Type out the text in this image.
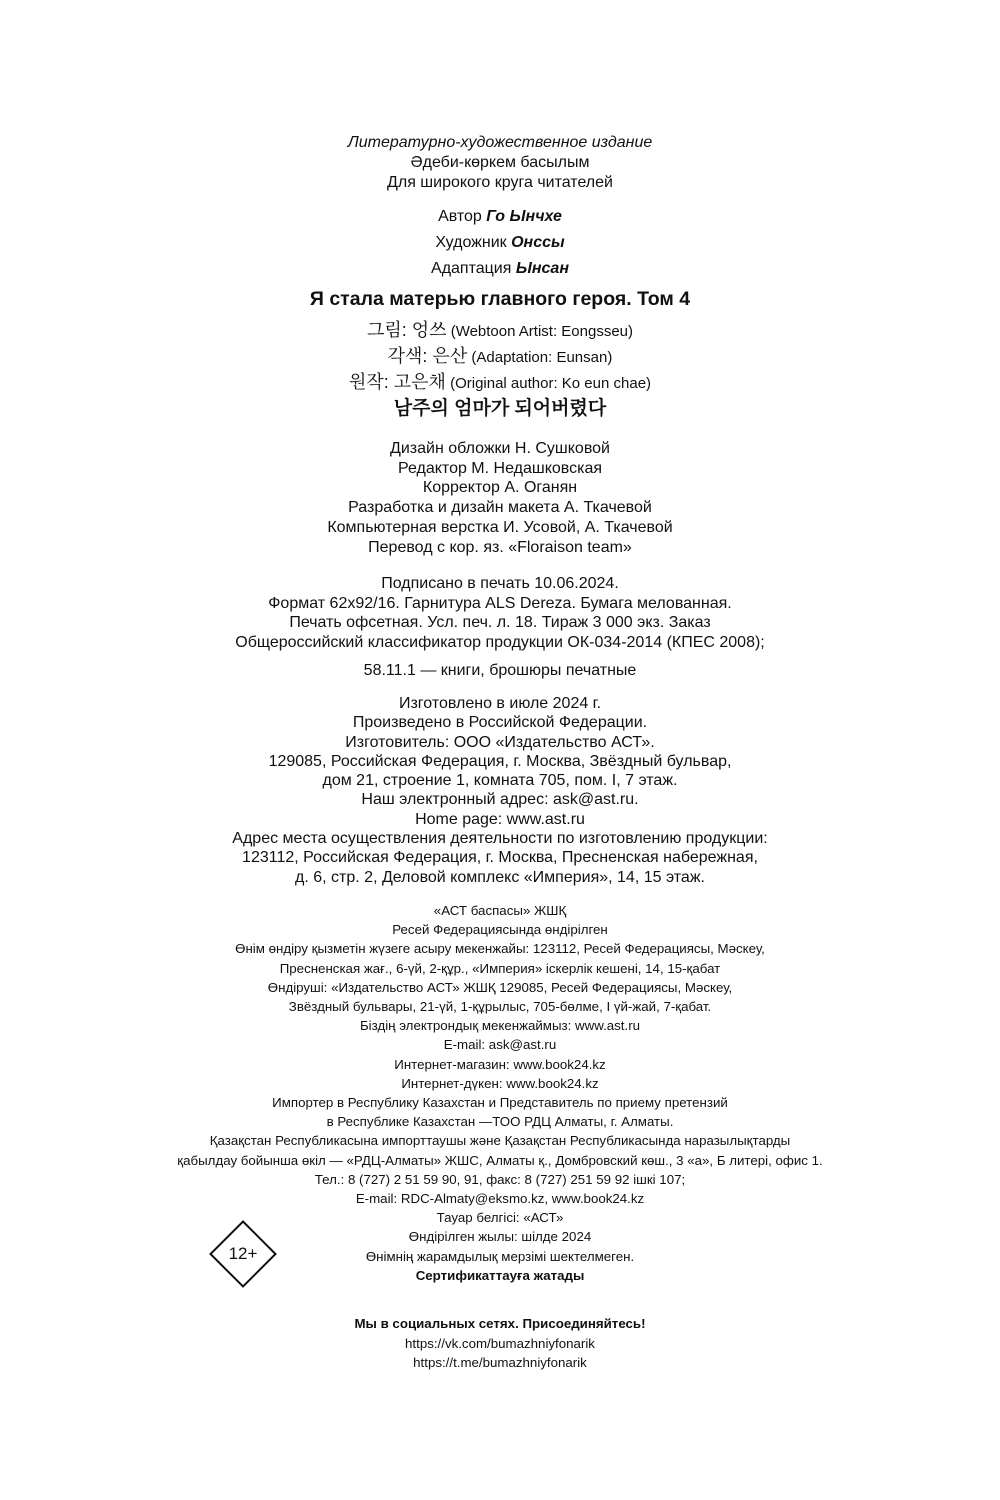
Литературно-художественное издание
Әдеби-көркем басылым
Для широкого круга читателей
Автор Го Ынчхе
Художник Онссы
Адаптация Ынсан
Я стала матерью главного героя. Том 4
그림: 엉쓰 (Webtoon Artist: Eongsseu)
각색: 은산 (Adaptation: Eunsan)
원작: 고은채 (Original author: Ko eun chae)
남주의 엄마가 되어버렸다
Дизайн обложки Н. Сушковой
Редактор М. Недашковская
Корректор А. Оганян
Разработка и дизайн макета А. Ткачевой
Компьютерная верстка И. Усовой, А. Ткачевой
Перевод с кор. яз. «Floraison team»
Подписано в печать 10.06.2024.
Формат 62x92/16. Гарнитура ALS Dereza. Бумага мелованная.
Печать офсетная. Усл. печ. л. 18. Тираж 3 000 экз. Заказ
Общероссийский классификатор продукции ОК-034-2014 (КПЕС 2008);
58.11.1 — книги, брошюры печатные
Изготовлено в июле 2024 г.
Произведено в Российской Федерации.
Изготовитель: ООО «Издательство АСТ».
129085, Российская Федерация, г. Москва, Звёздный бульвар,
дом 21, строение 1, комната 705, пом. I, 7 этаж.
Наш электронный адрес: ask@ast.ru.
Home page: www.ast.ru
Адрес места осуществления деятельности по изготовлению продукции:
123112, Российская Федерация, г. Москва, Пресненская набережная,
д. 6, стр. 2, Деловой комплекс «Империя», 14, 15 этаж.
«АСТ баспасы» ЖШҚ
Ресей Федерациясында өндірілген
Өнім өндіру қызметін жүзеге асыру мекенжайы: 123112, Ресей Федерациясы, Мәскеу,
Пресненская жағ., 6-үй, 2-құр., «Империя» іскерлік кешені, 14, 15-қабат
Өндіруші: «Издательство АСТ» ЖШҚ 129085, Ресей Федерациясы, Мәскеу,
Звёздный бульвары, 21-үй, 1-құрылыс, 705-бөлме, I үй-жай, 7-қабат.
Біздің электрондық мекенжаймыз: www.ast.ru
E-mail: ask@ast.ru
Интернет-магазин: www.book24.kz
Интернет-дүкен: www.book24.kz
Импортер в Республику Казахстан и Представитель по приему претензий
в Республике Казахстан —ТОО РДЦ Алматы, г. Алматы.
Қазақстан Республикасына импорттаушы және Қазақстан Республикасында наразылықтарды
қабылдау бойынша өкіл — «РДЦ-Алматы» ЖШС, Алматы қ., Домбровский көш., 3 «а», Б литері, офис 1.
Тел.: 8 (727) 2 51 59 90, 91, факс: 8 (727) 251 59 92 ішкі 107;
E-mail: RDC-Almaty@eksmo.kz, www.book24.kz
Тауар белгісі: «АСТ»
Өндірілген жылы: шілде 2024
Өнімнің жарамдылық мерзімі шектелмеген.
Сертификаттауға жатады
12+
Мы в социальных сетях. Присоединяйтесь!
https://vk.com/bumazhniyfonarik
https://t.me/bumazhniyfonarik
